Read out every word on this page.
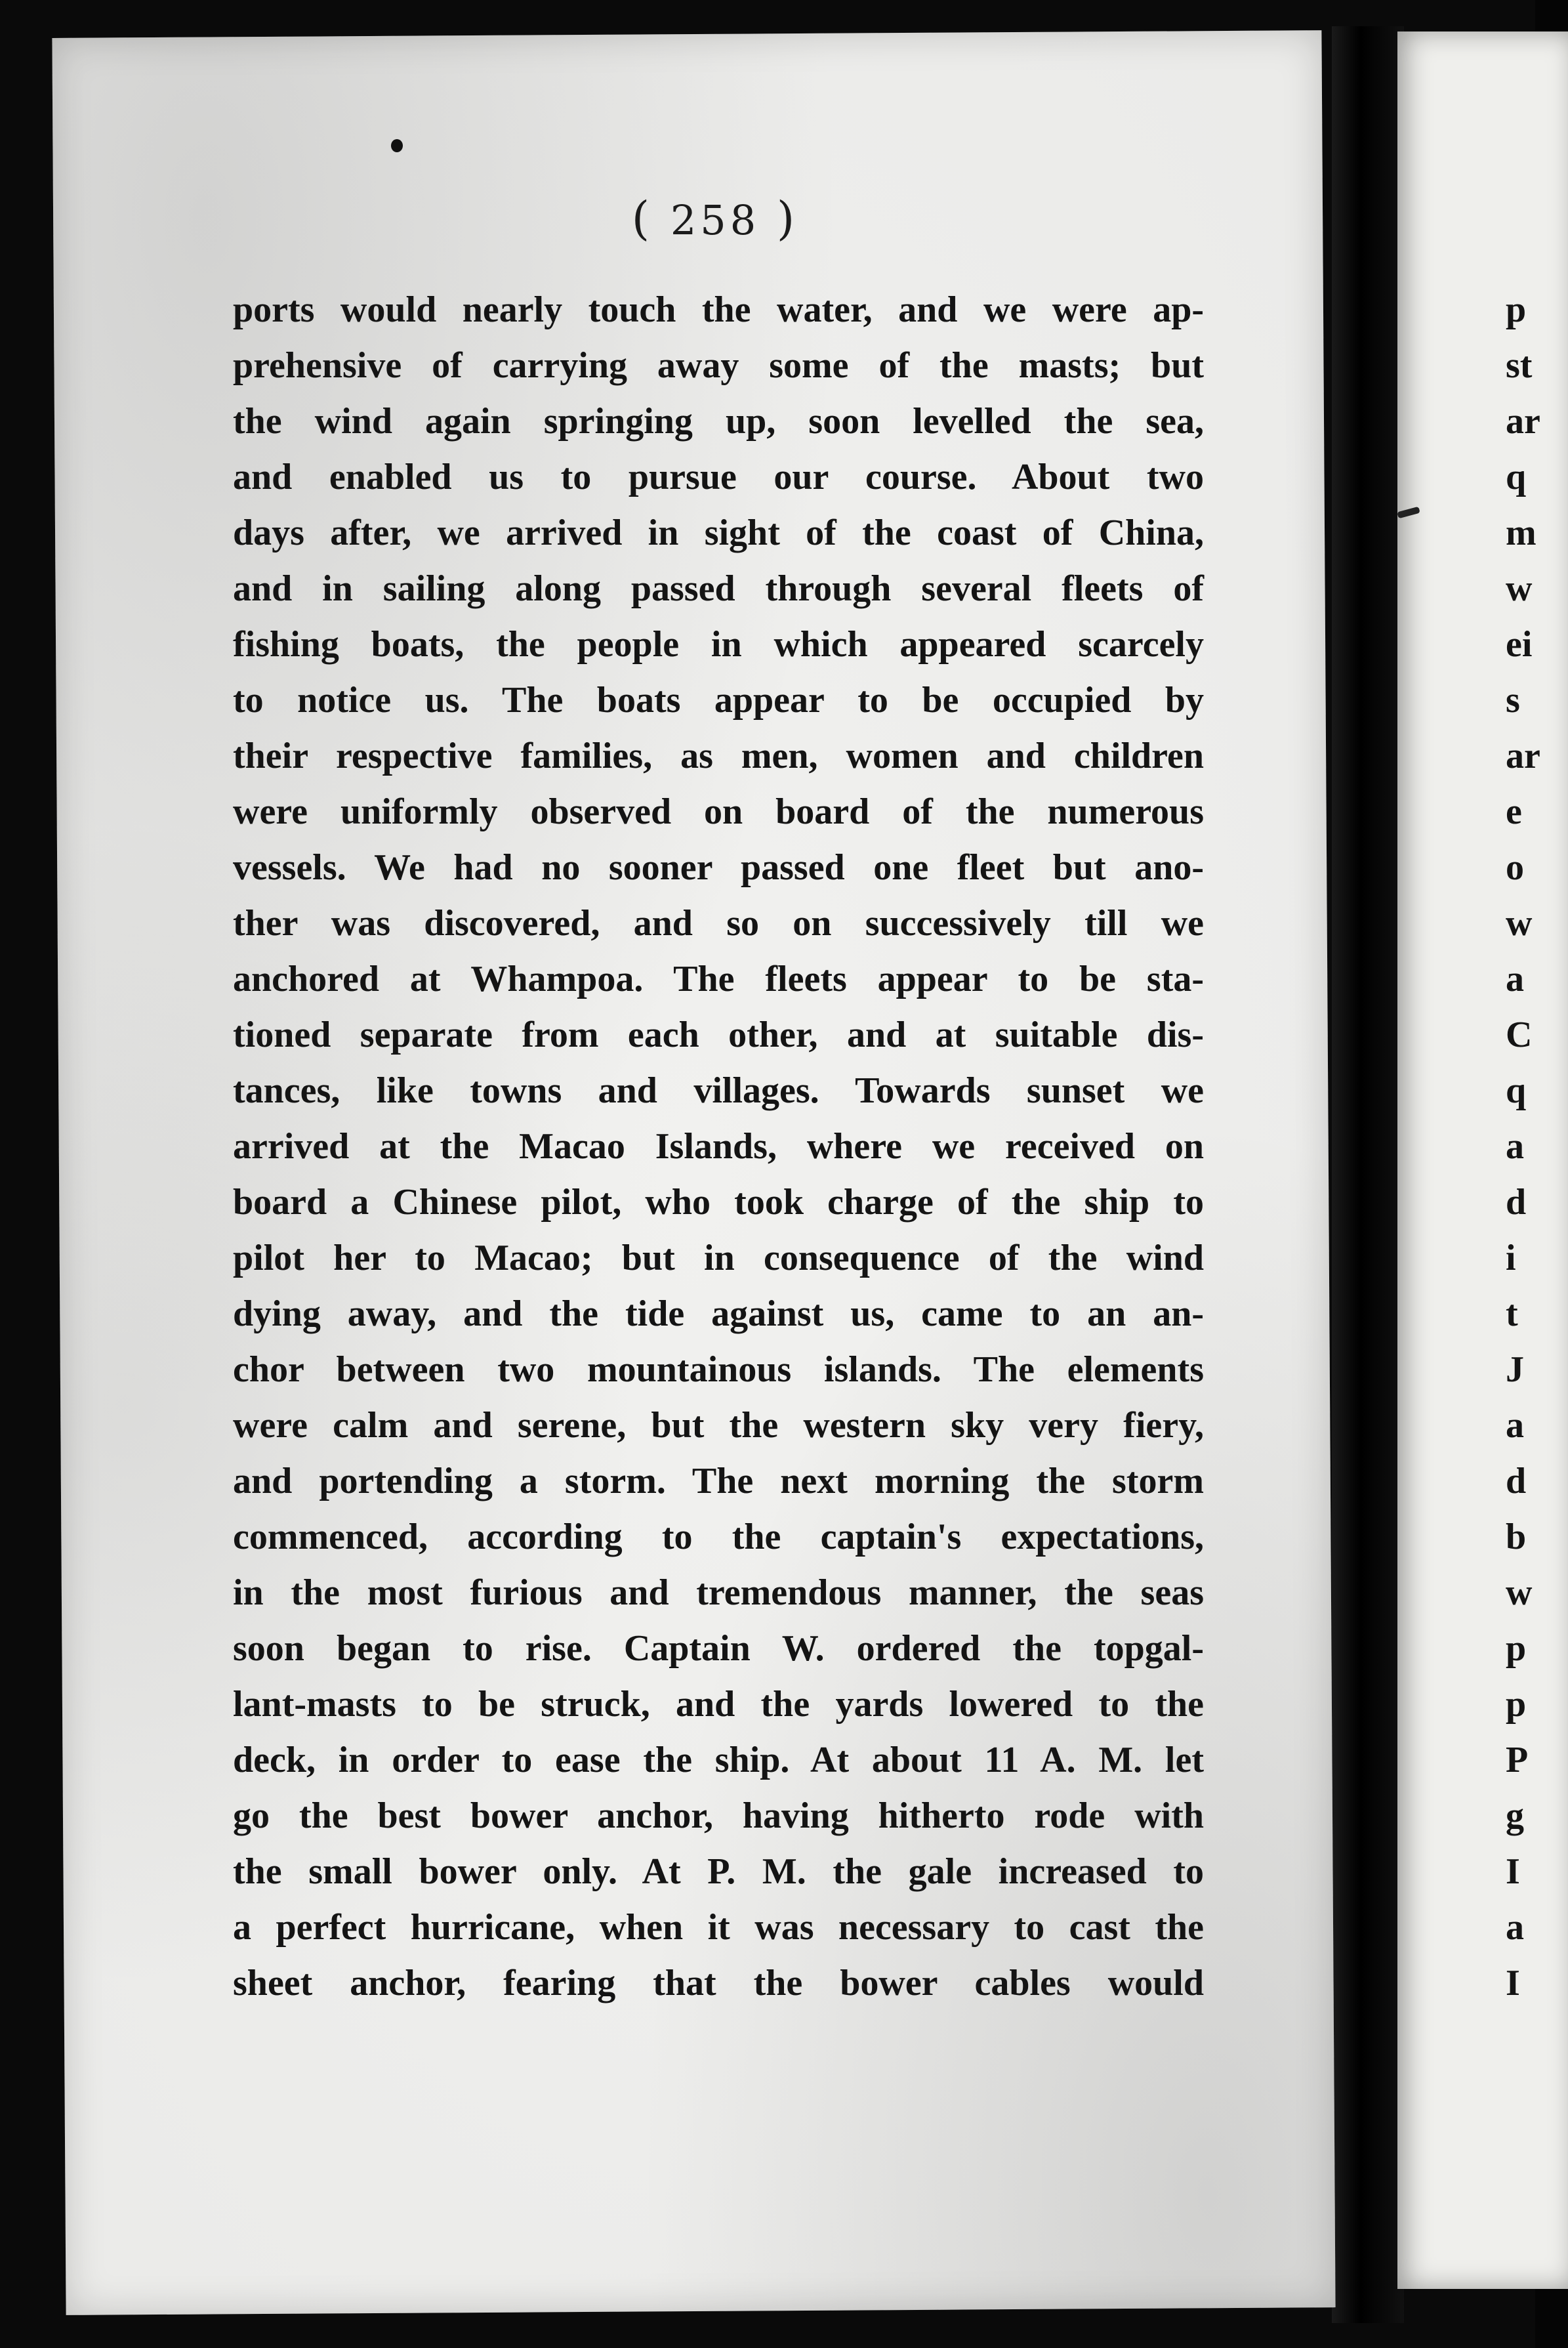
( 258 )
ports would nearly touch the water, and we were ap-
prehensive of carrying away some of the masts; but
the wind again springing up, soon levelled the sea,
and enabled us to pursue our course. About two
days after, we arrived in sight of the coast of China,
and in sailing along passed through several fleets of
fishing boats, the people in which appeared scarcely
to notice us. The boats appear to be occupied by
their respective families, as men, women and children
were uniformly observed on board of the numerous
vessels. We had no sooner passed one fleet but ano-
ther was discovered, and so on successively till we
anchored at Whampoa. The fleets appear to be sta-
tioned separate from each other, and at suitable dis-
tances, like towns and villages. Towards sunset we
arrived at the Macao Islands, where we received on
board a Chinese pilot, who took charge of the ship to
pilot her to Macao; but in consequence of the wind
dying away, and the tide against us, came to an an-
chor between two mountainous islands. The elements
were calm and serene, but the western sky very fiery,
and portending a storm. The next morning the storm
commenced, according to the captain's expectations,
in the most furious and tremendous manner, the seas
soon began to rise. Captain W. ordered the topgal-
lant-masts to be struck, and the yards lowered to the
deck, in order to ease the ship. At about 11 A. M. let
go the best bower anchor, having hitherto rode with
the small bower only. At P. M. the gale increased to
a perfect hurricane, when it was necessary to cast the
sheet anchor, fearing that the bower cables would
p
st
ar
q
m
w
ei
s
ar
e
o
w
a
C
q
a
d
i
t
J
a
d
b
w
p
p
P
g
I
a
I
